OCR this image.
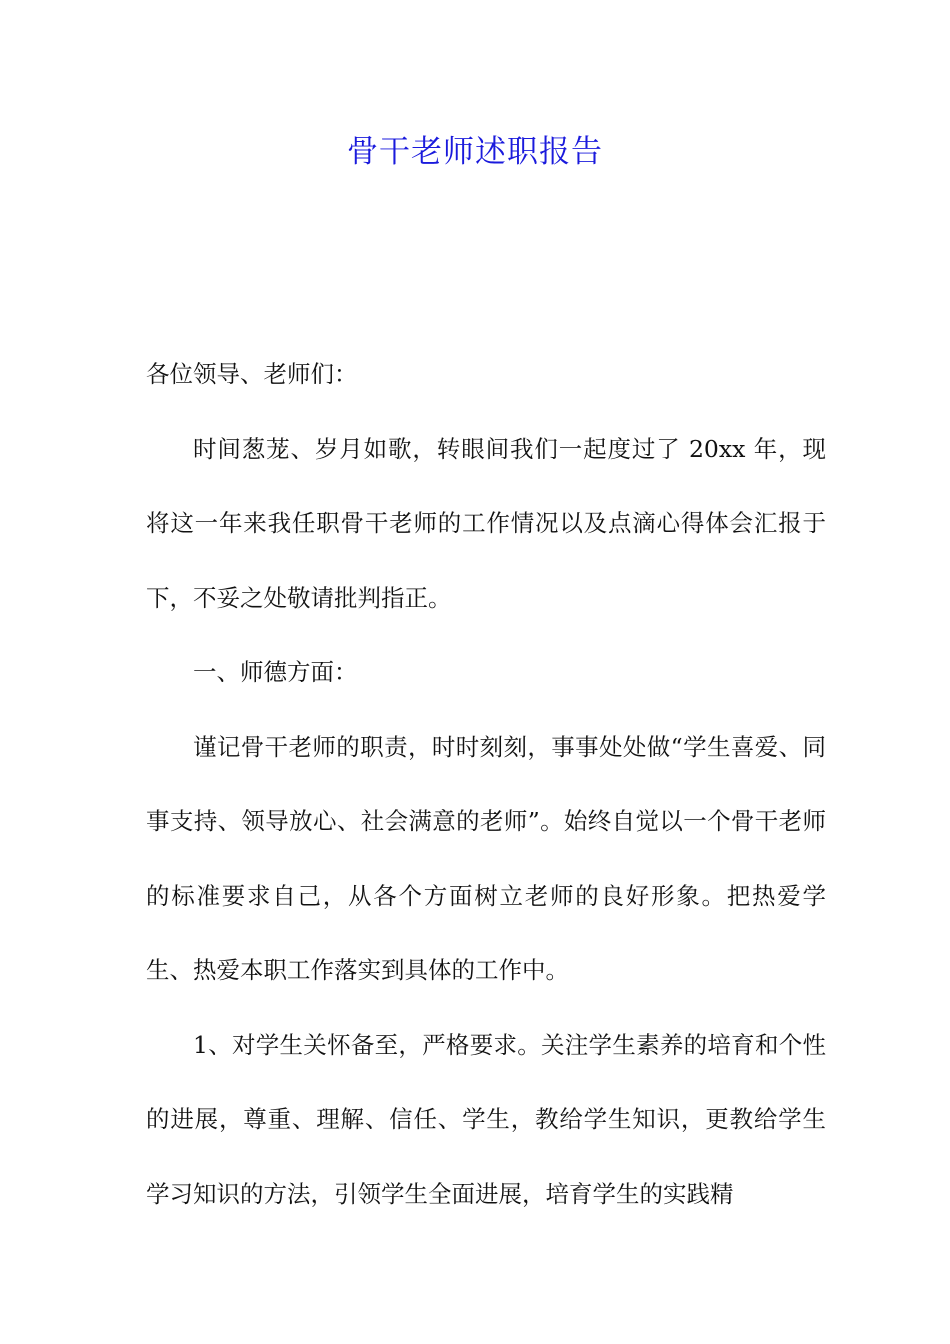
骨干老师述职报告

各位领导、老师们：

时间葱茏、岁月如歌，转眼间我们一起度过了 20xx 年，现将这一年来我任职骨干老师的工作情况以及点滴心得体会汇报于下，不妥之处敬请批判指正。

一、师德方面：

谨记骨干老师的职责，时时刻刻，事事处处做“学生喜爱、同事支持、领导放心、社会满意的老师”。始终自觉以一个骨干老师的标准要求自己，从各个方面树立老师的良好形象。把热爱学生、热爱本职工作落实到具体的工作中。

1、对学生关怀备至，严格要求。关注学生素养的培育和个性的进展，尊重、理解、信任、学生，教给学生知识，更教给学生学习知识的方法，引领学生全面进展，培育学生的实践精
